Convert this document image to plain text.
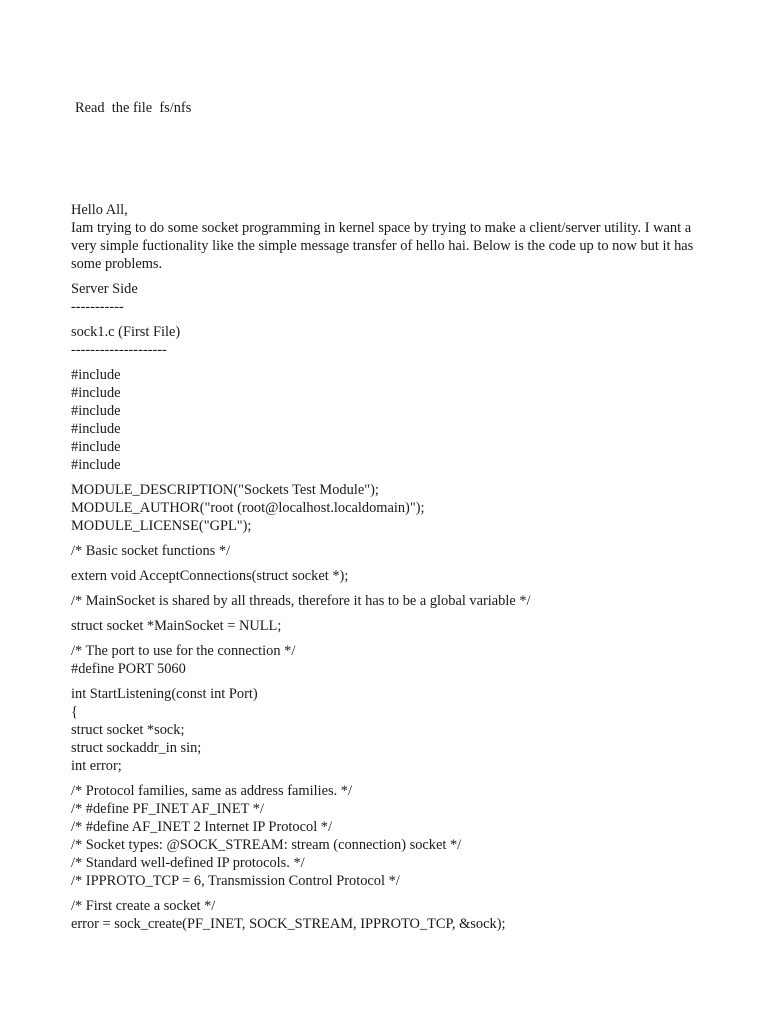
Read  the file  fs/nfs

Hello All,
Iam trying to do some socket programming in kernel space by trying to make a client/server utility. I want a very simple fuctionality like the simple message transfer of hello hai. Below is the code up to now but it has some problems.

Server Side
-----------

sock1.c (First File)
--------------------

#include
#include
#include
#include
#include
#include

MODULE_DESCRIPTION("Sockets Test Module");
MODULE_AUTHOR("root (root@localhost.localdomain)");
MODULE_LICENSE("GPL");

/* Basic socket functions */

extern void AcceptConnections(struct socket *);

/* MainSocket is shared by all threads, therefore it has to be a global variable */

struct socket *MainSocket = NULL;

/* The port to use for the connection */
#define PORT 5060

int StartListening(const int Port)
{
struct socket *sock;
struct sockaddr_in sin;
int error;

/* Protocol families, same as address families. */
/* #define PF_INET AF_INET */
/* #define AF_INET 2 Internet IP Protocol */
/* Socket types: @SOCK_STREAM: stream (connection) socket */
/* Standard well-defined IP protocols. */
/* IPPROTO_TCP = 6, Transmission Control Protocol */

/* First create a socket */
error = sock_create(PF_INET, SOCK_STREAM, IPPROTO_TCP, &sock);
